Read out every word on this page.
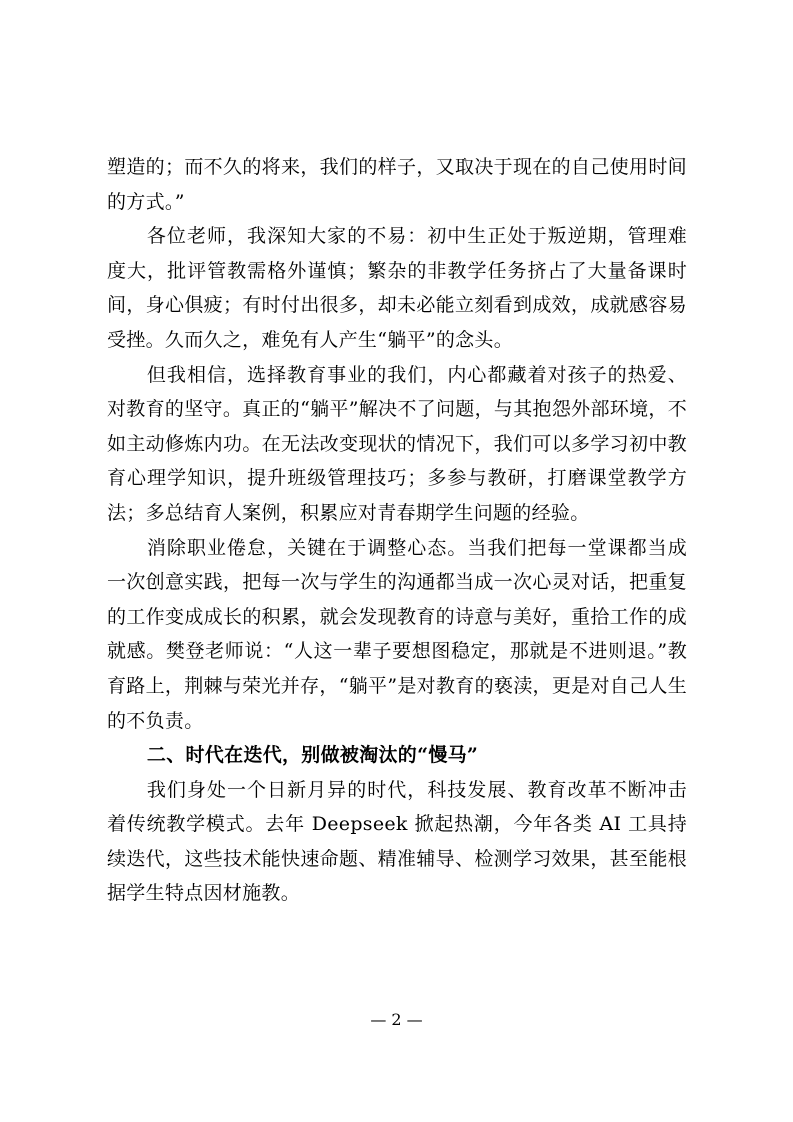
塑造的；而不久的将来，我们的样子，又取决于现在的自己使用时间的方式。”

各位老师，我深知大家的不易：初中生正处于叛逆期，管理难度大，批评管教需格外谨慎；繁杂的非教学任务挤占了大量备课时间，身心俱疲；有时付出很多，却未必能立刻看到成效，成就感容易受挫。久而久之，难免有人产生“躺平”的念头。

但我相信，选择教育事业的我们，内心都藏着对孩子的热爱、对教育的坚守。真正的“躺平”解决不了问题，与其抱怨外部环境，不如主动修炼内功。在无法改变现状的情况下，我们可以多学习初中教育心理学知识，提升班级管理技巧；多参与教研，打磨课堂教学方法；多总结育人案例，积累应对青春期学生问题的经验。

消除职业倦怠，关键在于调整心态。当我们把每一堂课都当成一次创意实践，把每一次与学生的沟通都当成一次心灵对话，把重复的工作变成成长的积累，就会发现教育的诗意与美好，重拾工作的成就感。樊登老师说：“人这一辈子要想图稳定，那就是不进则退。”教育路上，荆棘与荣光并存，“躺平”是对教育的亵渎，更是对自己人生的不负责。

二、时代在迭代，别做被淘汰的“慢马”

我们身处一个日新月异的时代，科技发展、教育改革不断冲击着传统教学模式。去年 Deepseek 掀起热潮，今年各类 AI 工具持续迭代，这些技术能快速命题、精准辅导、检测学习效果，甚至能根据学生特点因材施教。

— 2 —
